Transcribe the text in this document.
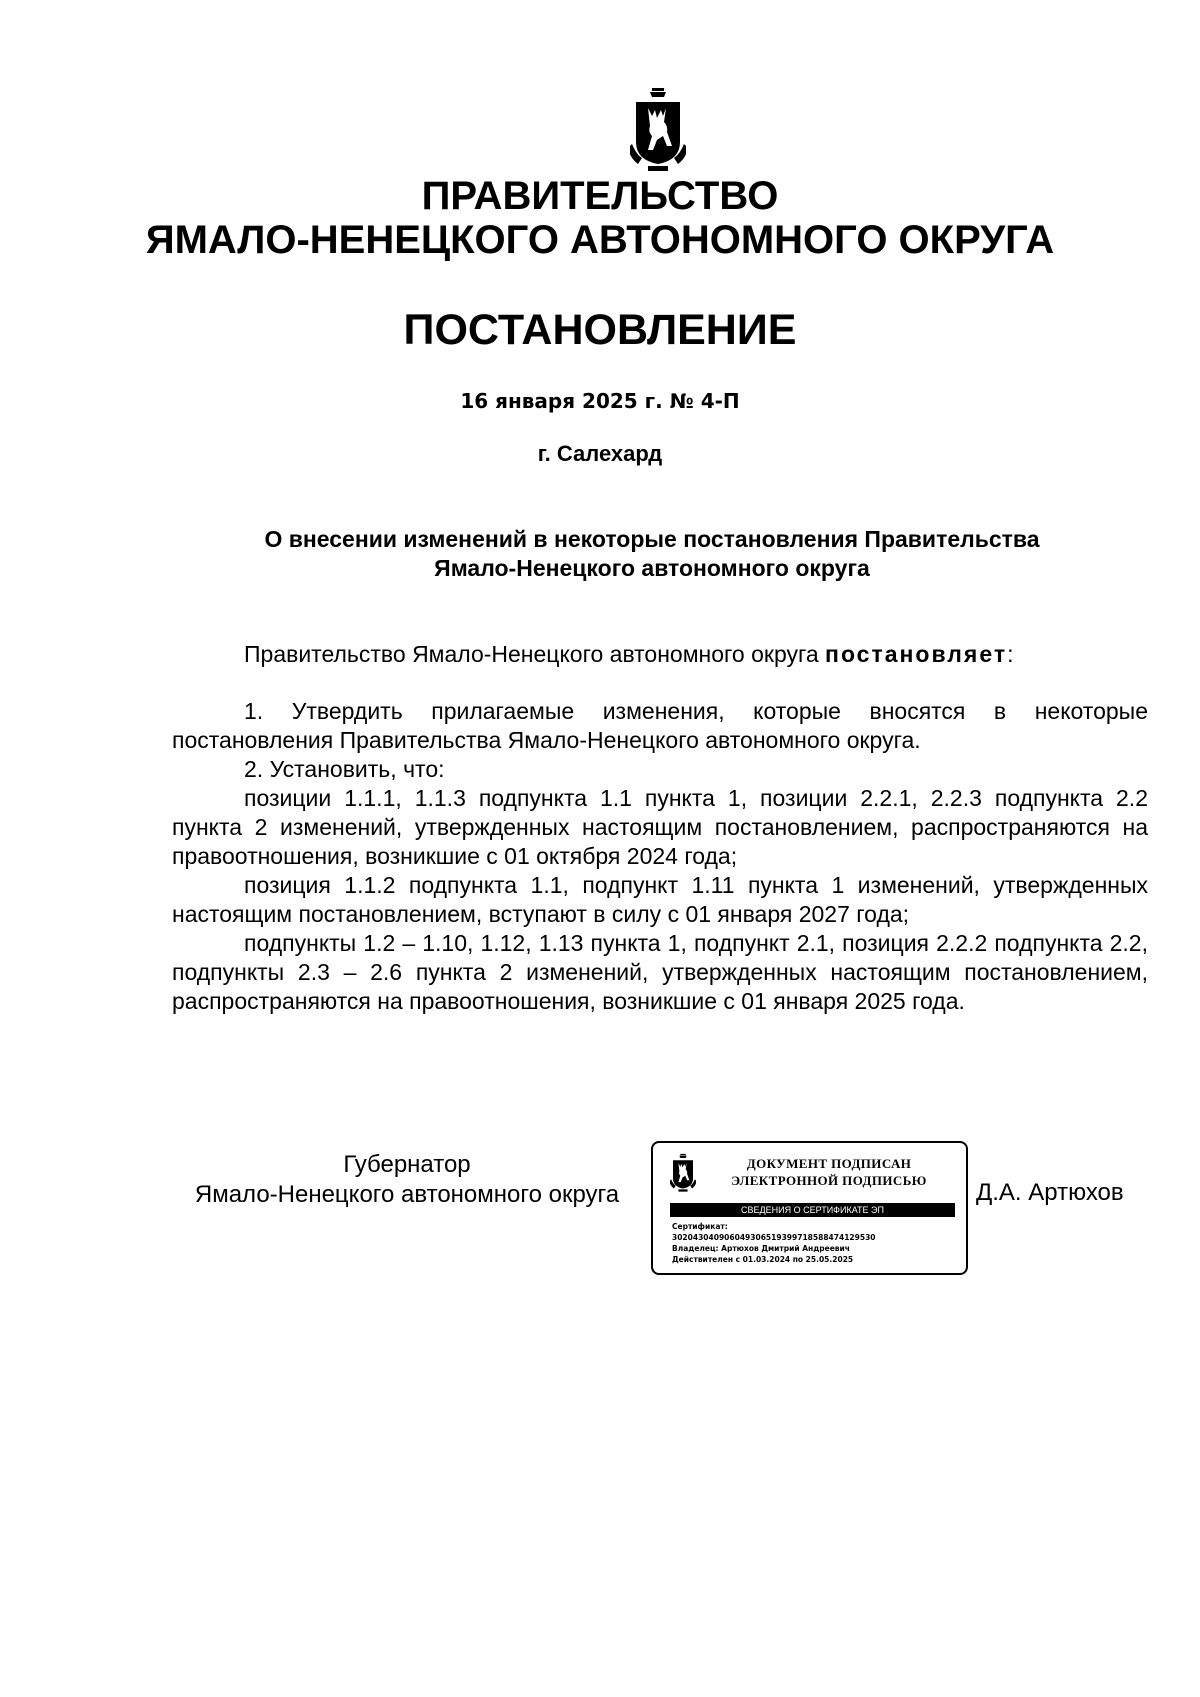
ПРАВИТЕЛЬСТВО
ЯМАЛО-НЕНЕЦКОГО АВТОНОМНОГО ОКРУГА
ПОСТАНОВЛЕНИЕ
16 января 2025 г. № 4-П
г. Салехард
О внесении изменений в некоторые постановления Правительства
Ямало-Ненецкого автономного округа

Правительство Ямало-Ненецкого автономного округа постановляет:

1. Утвердить прилагаемые изменения, которые вносятся в некоторые постановления Правительства Ямало-Ненецкого автономного округа.

2. Установить, что:

позиции 1.1.1, 1.1.3 подпункта 1.1 пункта 1, позиции 2.2.1, 2.2.3 подпункта 2.2 пункта 2 изменений, утвержденных настоящим постановлением, распространяются на правоотношения, возникшие с 01 октября 2024 года;

позиция 1.1.2 подпункта 1.1, подпункт 1.11 пункта 1 изменений, утвержденных настоящим постановлением, вступают в силу с 01 января 2027 года;

подпункты 1.2 – 1.10, 1.12, 1.13 пункта 1, подпункт 2.1, позиция 2.2.2 подпункта 2.2, подпункты 2.3 – 2.6 пункта 2 изменений, утвержденных настоящим постановлением, распространяются на правоотношения, возникшие с 01 января 2025 года.

Губернатор
Ямало-Ненецкого автономного округа
ДОКУМЕНТ ПОДПИСАН
ЭЛЕКТРОННОЙ ПОДПИСЬЮ
СВЕДЕНИЯ О СЕРТИФИКАТЕ ЭП
Сертификат:
302043040906049306519399718588474129530
Владелец: Артюхов Дмитрий Андреевич
Действителен с 01.03.2024 по 25.05.2025
Д.А. Артюхов
